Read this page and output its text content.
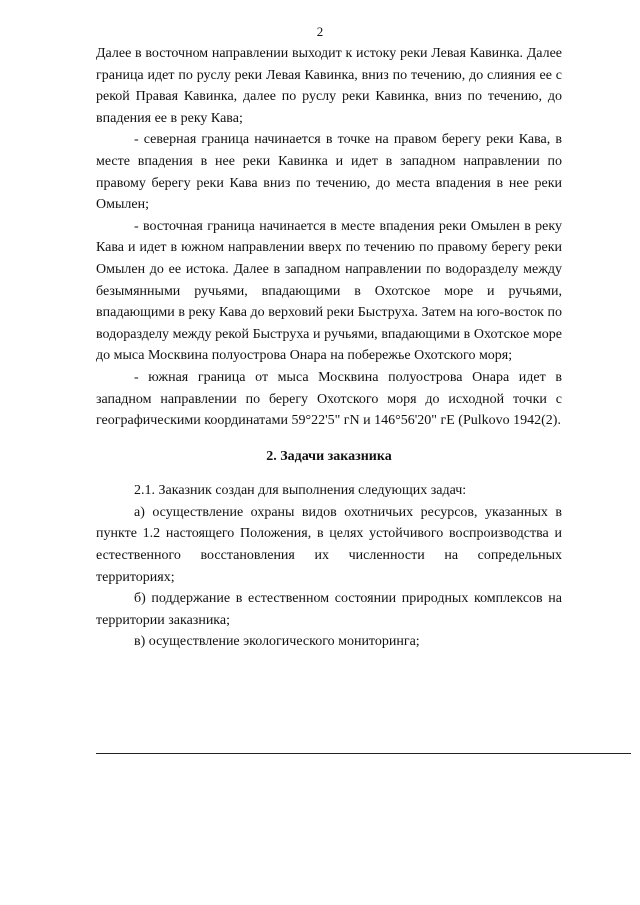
2

Далее в восточном направлении выходит к истоку реки Левая Кавинка. Далее граница идет по руслу реки Левая Кавинка, вниз по течению, до слияния ее с рекой Правая Кавинка, далее по руслу реки Кавинка, вниз по течению, до впадения ее в реку Кава;

- северная граница начинается в точке на правом берегу реки Кава, в месте впадения в нее реки Кавинка и идет в западном направлении по правому берегу реки Кава вниз по течению, до места впадения в нее реки Омылен;

- восточная граница начинается в месте впадения реки Омылен в реку Кава и идет в южном направлении вверх по течению по правому берегу реки Омылен до ее истока. Далее в западном направлении по водоразделу между безымянными ручьями, впадающими в Охотское море и ручьями, впадающими в реку Кава до верховий реки Быструха. Затем на юго-восток по водоразделу между рекой Быструха и ручьями, впадающими в Охотское море до мыса Москвина полуострова Онара на побережье Охотского моря;

- южная граница от мыса Москвина полуострова Онара идет в западном направлении по берегу Охотского моря до исходной точки с географическими координатами 59°22'5" гN и 146°56'20" гE (Pulkovo 1942(2).

2. Задачи заказника

2.1. Заказник создан для выполнения следующих задач:

а) осуществление охраны видов охотничьих ресурсов, указанных в пункте 1.2 настоящего Положения, в целях устойчивого воспроизводства и естественного восстановления их численности на сопредельных территориях;

б) поддержание в естественном состоянии природных комплексов на территории заказника;

в) осуществление экологического мониторинга;
